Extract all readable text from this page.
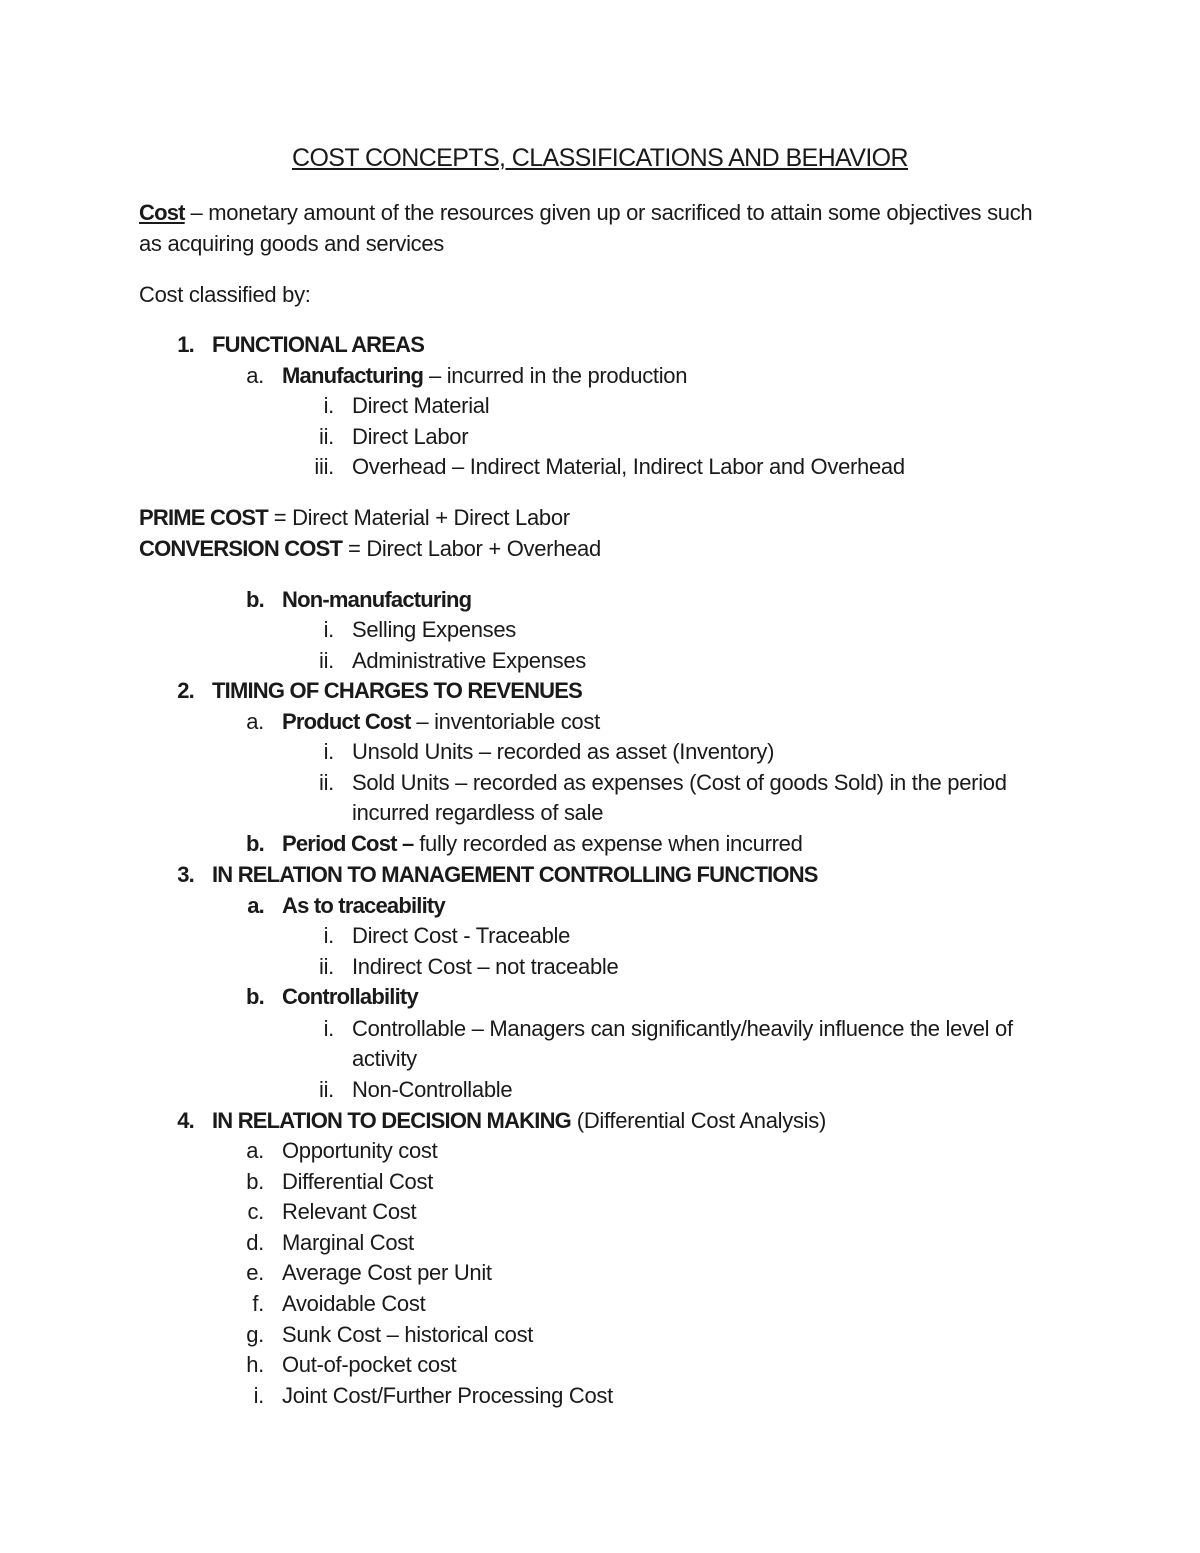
COST CONCEPTS, CLASSIFICATIONS AND BEHAVIOR
Cost – monetary amount of the resources given up or sacrificed to attain some objectives such as acquiring goods and services
Cost classified by:
1. FUNCTIONAL AREAS
a. Manufacturing – incurred in the production
i. Direct Material
ii. Direct Labor
iii. Overhead – Indirect Material, Indirect Labor and Overhead
PRIME COST = Direct Material + Direct Labor
CONVERSION COST = Direct Labor + Overhead
b. Non-manufacturing
i. Selling Expenses
ii. Administrative Expenses
2. TIMING OF CHARGES TO REVENUES
a. Product Cost – inventoriable cost
i. Unsold Units – recorded as asset (Inventory)
ii. Sold Units – recorded as expenses (Cost of goods Sold) in the period
incurred regardless of sale
b. Period Cost – fully recorded as expense when incurred
3. IN RELATION TO MANAGEMENT CONTROLLING FUNCTIONS
a. As to traceability
i. Direct Cost - Traceable
ii. Indirect Cost – not traceable
b. Controllability
i. Controllable – Managers can significantly/heavily influence the level of
activity
ii. Non-Controllable
4. IN RELATION TO DECISION MAKING (Differential Cost Analysis)
a. Opportunity cost
b. Differential Cost
c. Relevant Cost
d. Marginal Cost
e. Average Cost per Unit
f. Avoidable Cost
g. Sunk Cost – historical cost
h. Out-of-pocket cost
i. Joint Cost/Further Processing Cost
